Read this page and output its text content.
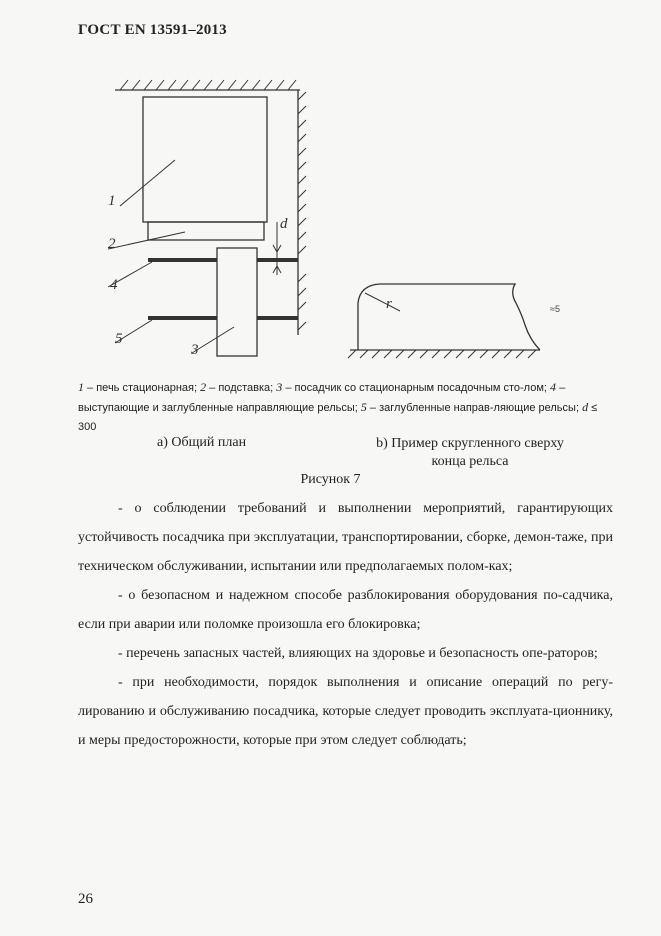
ГОСТ EN 13591–2013
1
2
4
5
3
d
r	≈5
1 – печь стационарная; 2 – подставка; 3 – посадчик со стационарным посадочным сто-лом; 4 – выступающие и заглубленные направляющие рельсы; 5 – заглубленные направ-ляющие рельсы; d ≤ 300
а) Общий план	b) Пример скругленного сверху конца рельса
Рисунок 7

- о соблюдении требований и выполнении мероприятий, гарантирующих устойчивость посадчика при эксплуатации, транспортировании, сборке, демон-таже, при техническом обслуживании, испытании или предполагаемых полом-ках;

- о безопасном и надежном способе разблокирования оборудования по-садчика, если при аварии или поломке произошла его блокировка;

- перечень запасных частей, влияющих на здоровье и безопасность опе-раторов;

- при необходимости, порядок выполнения и описание операций по регу-лированию и обслуживанию посадчика, которые следует проводить эксплуата-ционнику, и меры предосторожности, которые при этом следует соблюдать;

26
